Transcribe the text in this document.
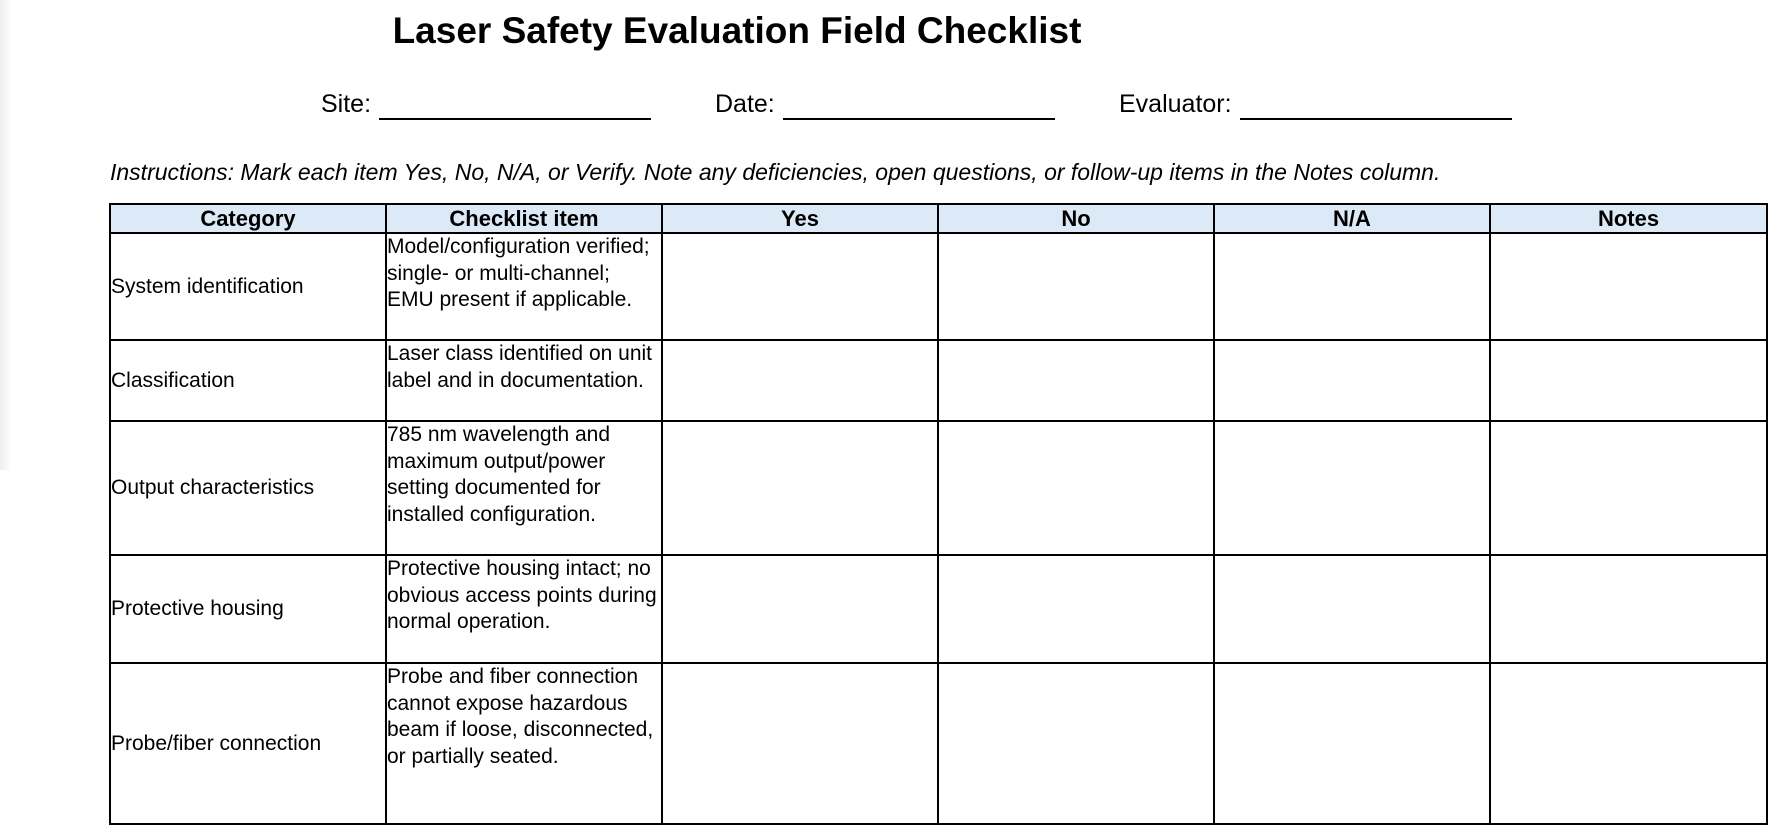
Laser Safety Evaluation Field Checklist
Site:	Date:	Evaluator:
Instructions: Mark each item Yes, No, N/A, or Verify. Note any deficiencies, open questions, or follow-up items in the Notes column.
Category	Checklist item	Yes	No	N/A	Notes
System identification	Model/configuration verified; single- or multi-channel; EMU present if applicable.				
Classification	Laser class identified on unit label and in documentation.				
Output characteristics	785 nm wavelength and maximum output/power setting documented for installed configuration.				
Protective housing	Protective housing intact; no obvious access points during normal operation.				
Probe/fiber connection	Probe and fiber connection cannot expose hazardous beam if loose, disconnected, or partially seated.				
